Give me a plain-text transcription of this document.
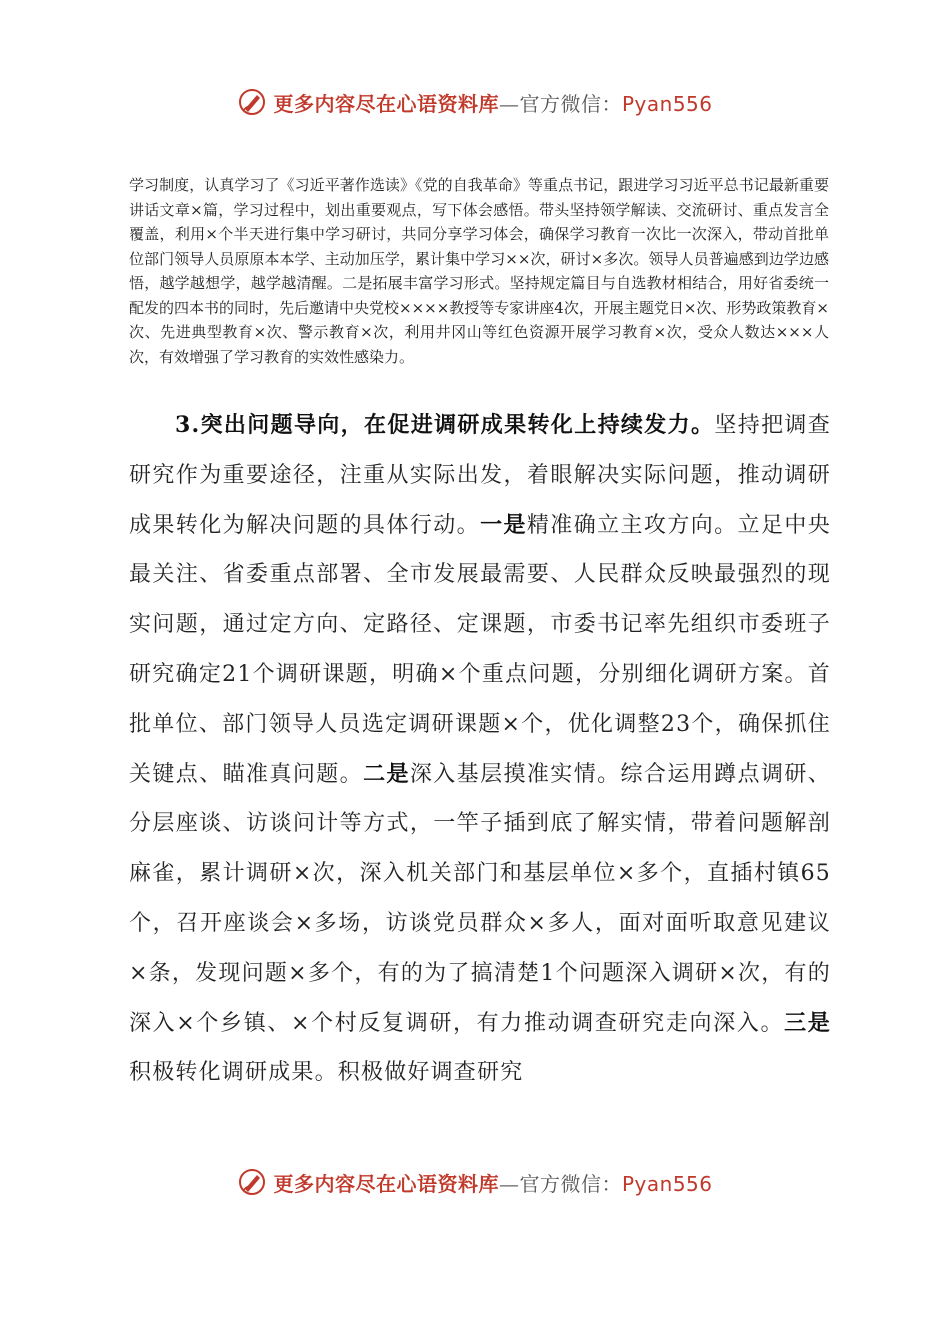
更多内容尽在心语资料库—官方微信：Pyan556

学习制度，认真学习了《习近平著作选读》《党的自我革命》等重点书记，跟进学习习近平总书记最新重要讲话文章×篇，学习过程中，划出重要观点，写下体会感悟。带头坚持领学解读、交流研讨、重点发言全覆盖，利用×个半天进行集中学习研讨，共同分享学习体会，确保学习教育一次比一次深入，带动首批单位部门领导人员原原本本学、主动加压学，累计集中学习××次，研讨×多次。领导人员普遍感到边学边感悟，越学越想学，越学越清醒。二是拓展丰富学习形式。坚持规定篇目与自选教材相结合，用好省委统一配发的四本书的同时，先后邀请中央党校××××教授等专家讲座4次，开展主题党日×次、形势政策教育×次、先进典型教育×次、警示教育×次，利用井冈山等红色资源开展学习教育×次，受众人数达×××人次，有效增强了学习教育的实效性感染力。

3.突出问题导向，在促进调研成果转化上持续发力。坚持把调查研究作为重要途径，注重从实际出发，着眼解决实际问题，推动调研成果转化为解决问题的具体行动。一是精准确立主攻方向。立足中央最关注、省委重点部署、全市发展最需要、人民群众反映最强烈的现实问题，通过定方向、定路径、定课题，市委书记率先组织市委班子研究确定21个调研课题，明确×个重点问题，分别细化调研方案。首批单位、部门领导人员选定调研课题×个，优化调整23个，确保抓住关键点、瞄准真问题。二是深入基层摸准实情。综合运用蹲点调研、分层座谈、访谈问计等方式，一竿子插到底了解实情，带着问题解剖麻雀，累计调研×次，深入机关部门和基层单位×多个，直插村镇65个，召开座谈会×多场，访谈党员群众×多人，面对面听取意见建议×条，发现问题×多个，有的为了搞清楚1个问题深入调研×次，有的深入×个乡镇、×个村反复调研，有力推动调查研究走向深入。三是积极转化调研成果。积极做好调查研究

更多内容尽在心语资料库—官方微信：Pyan556
